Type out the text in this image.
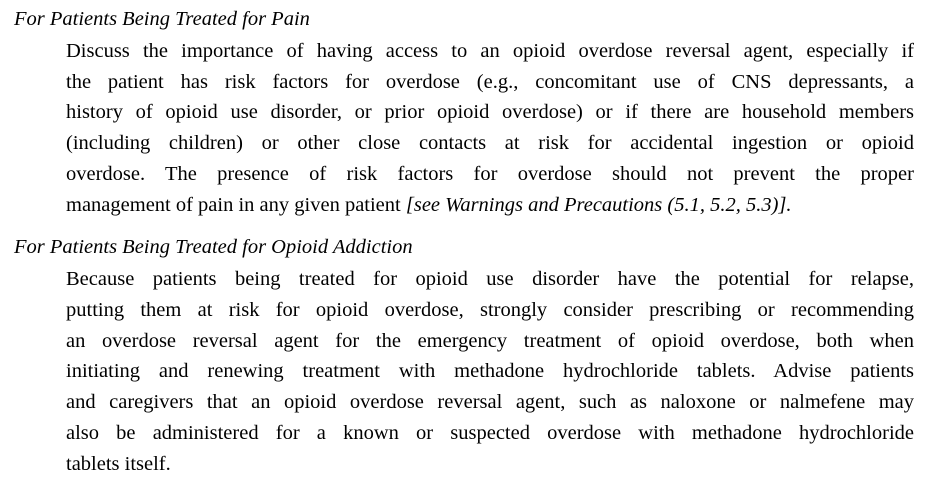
For Patients Being Treated for Pain
Discuss the importance of having access to an opioid overdose reversal agent, especially if
the patient has risk factors for overdose (e.g., concomitant use of CNS depressants, a
history of opioid use disorder, or prior opioid overdose) or if there are household members
(including children) or other close contacts at risk for accidental ingestion or opioid
overdose. The presence of risk factors for overdose should not prevent the proper
management of pain in any given patient [see Warnings and Precautions (5.1, 5.2, 5.3)].
For Patients Being Treated for Opioid Addiction
Because patients being treated for opioid use disorder have the potential for relapse,
putting them at risk for opioid overdose, strongly consider prescribing or recommending
an overdose reversal agent for the emergency treatment of opioid overdose, both when
initiating and renewing treatment with methadone hydrochloride tablets. Advise patients
and caregivers that an opioid overdose reversal agent, such as naloxone or nalmefene may
also be administered for a known or suspected overdose with methadone hydrochloride
tablets itself.
